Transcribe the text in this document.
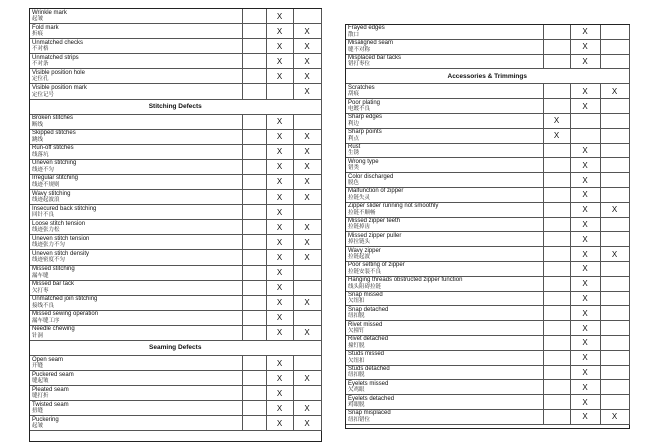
Wrinkle mark
起皱		X	

Fold mark
折痕		X	X

Unmatched checks
不对格		X	X

Unmatched strips
不对条		X	X

Visible position hole
定位孔		X	X

Visible position mark
定位记号			X
Stitching Defects			

Broken stitches
断线		X	

Skipped stitches
跳线		X	X

Run-off stitches
线落坑		X	X

Uneven stitching
线迹不匀		X	X

Irregular stitching
线迹不规则		X	X

Wavy stitching
线迹起波浪		X	X

Insecured back stitching
回针不良		X	

Loose stitch tension
线迹张力松		X	X

Uneven stitch tension
线迹张力不匀		X	X

Uneven stitch density
线迹密度不匀		X	X

Missed stitching
漏车缝		X	

Missed bar tack
欠打枣		X	

Unmatched join stitching
接线不良		X	X

Missed sewing operation
漏车缝工序		X	

Needle chewing
针洞		X	X
Seaming Defects			

Open seam
开缝		X	

Puckered seam
缝起皱		X	X

Pleated seam
缝打折		X	

Twisted seam
扭缝		X	X

Puckering
起皱		X	X
Frayed edges
散口		X	

Misaligned seam
缝不对称		X	

Misplaced bar tacks
错打枣位		X	
Accessories & Trimmings			

Scratches
刮痕		X	X

Poor plating
电镀不良		X	

Sharp edges
利边	X		

Sharp points
利点	X		

Rust
生锈		X	

Wrong type
错类		X	

Color discharged
脱色		X	

Malfunction of zipper
拉链失灵		X	

Zipper slider running not smoothly
拉链不顺畅		X	X

Missed zipper teeth
拉链掉齿		X	

Missed zipper puller
掉拉链头		X	

Wavy zipper
拉链起波		X	X

Poor setting of zipper
拉链安装不良		X	

Hanging threads obstructed zipper function
线头阻碍拉链		X	

Snap missed
欠纽扣		X	

Snap detached
纽扣脱		X	

Rivet missed
欠撞钉		X	

Rivet detached
撞钉脱		X	

Studs missed
欠纽扣		X	

Studs detached
纽扣脱		X	

Eyelets missed
欠鸡眼		X	

Eyelets detached
鸡眼脱		X	

Snap misplaced
纽扣错位		X	X
